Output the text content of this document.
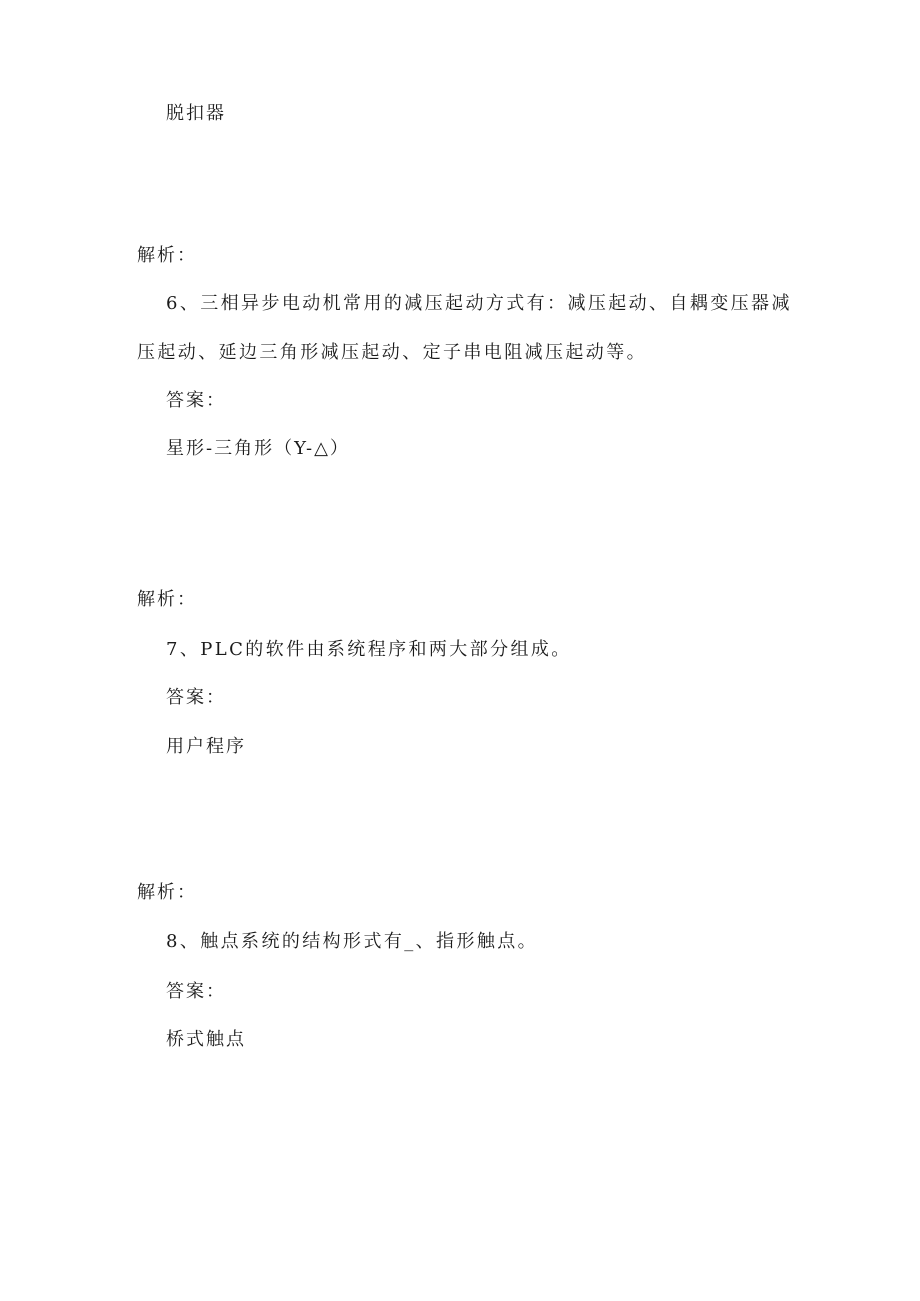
脱扣器
解析：
6、三相异步电动机常用的减压起动方式有：减压起动、自耦变压器减
压起动、延边三角形减压起动、定子串电阻减压起动等。
答案：
星形-三角形（Y-△）
解析：
7、PLC的软件由系统程序和两大部分组成。
答案：
用户程序
解析：
8、触点系统的结构形式有_、指形触点。
答案：
桥式触点
